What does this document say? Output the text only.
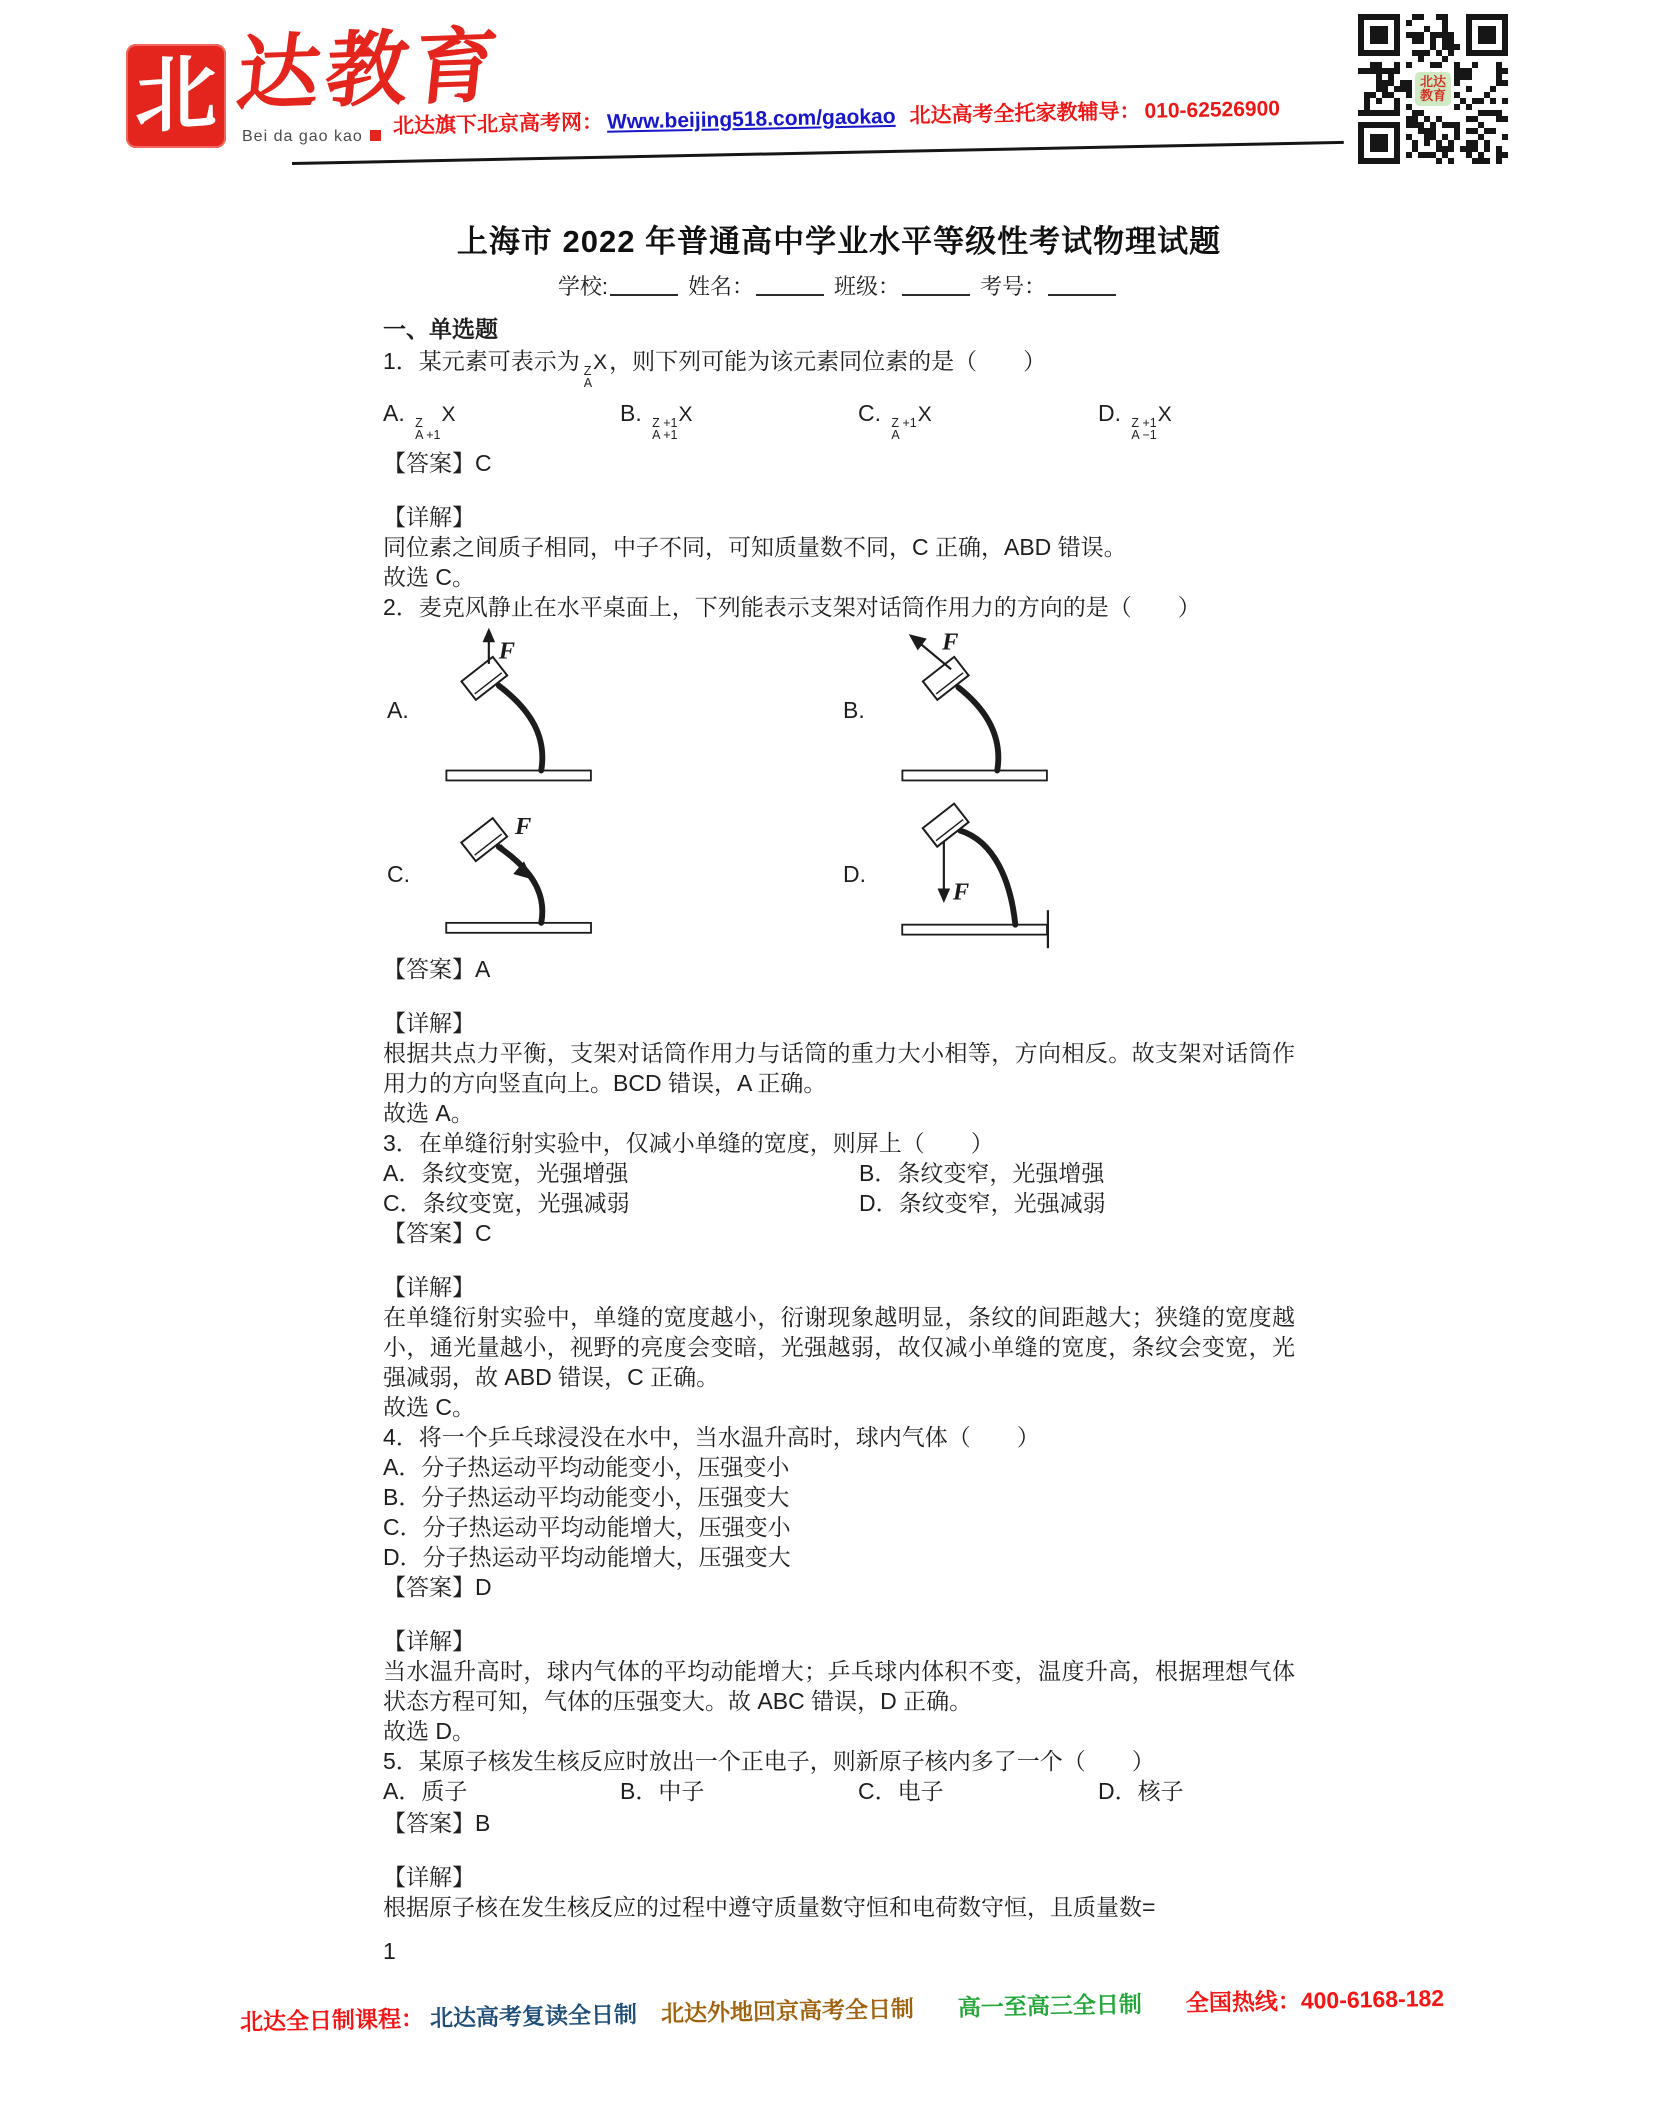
北 达教育
Bei da gao kao	北达旗下北京高考网： Www.beijing518.com/gaokao 北达高考全托家教辅导： 010-62526900
北达
教育

上海市 2022 年普通高中学业水平等级性考试物理试题

学校:	姓名：	班级：	考号：

一、单选题

1．某元素可表示为 Z
A
X，则下列可能为该元素同位素的是（　　）

A. Z
A +1
X	B. Z +1
A +1
X	C. Z +1
A
X	D. Z +1
A −1
X

【答案】C

【详解】

同位素之间质子相同，中子不同，可知质量数不同，C 正确，ABD 错误。

故选 C。

2．麦克风静止在水平桌面上，下列能表示支架对话筒作用力的方向的是（　　）

A.
F
B.
F
C.
F
D.
F

【答案】A

【详解】

根据共点力平衡，支架对话筒作用力与话筒的重力大小相等，方向相反。故支架对话筒作用力的方向竖直向上。BCD 错误，A 正确。

故选 A。

3．在单缝衍射实验中，仅减小单缝的宽度，则屏上（　　）

A．条纹变宽，光强增强	B．条纹变窄，光强增强
C．条纹变宽，光强减弱	D．条纹变窄，光强减弱

【答案】C

【详解】

在单缝衍射实验中，单缝的宽度越小，衍谢现象越明显，条纹的间距越大；狭缝的宽度越小，通光量越小，视野的亮度会变暗，光强越弱，故仅减小单缝的宽度，条纹会变宽，光强减弱，故 ABD 错误，C 正确。

故选 C。

4．将一个乒乓球浸没在水中，当水温升高时，球内气体（　　）

A．分子热运动平均动能变小，压强变小

B．分子热运动平均动能变小，压强变大

C．分子热运动平均动能增大，压强变小

D．分子热运动平均动能增大，压强变大

【答案】D

【详解】

当水温升高时，球内气体的平均动能增大；乒乓球内体积不变，温度升高，根据理想气体状态方程可知，气体的压强变大。故 ABC 错误，D 正确。

故选 D。

5．某原子核发生核反应时放出一个正电子，则新原子核内多了一个（　　）

A．质子	B．中子	C．电子	D．核子

【答案】B

【详解】

根据原子核在发生核反应的过程中遵守质量数守恒和电荷数守恒，且质量数=

1

北达全日制课程： 北达高考复读全日制 北达外地回京高考全日制 高一至高三全日制 全国热线：400-6168-182
